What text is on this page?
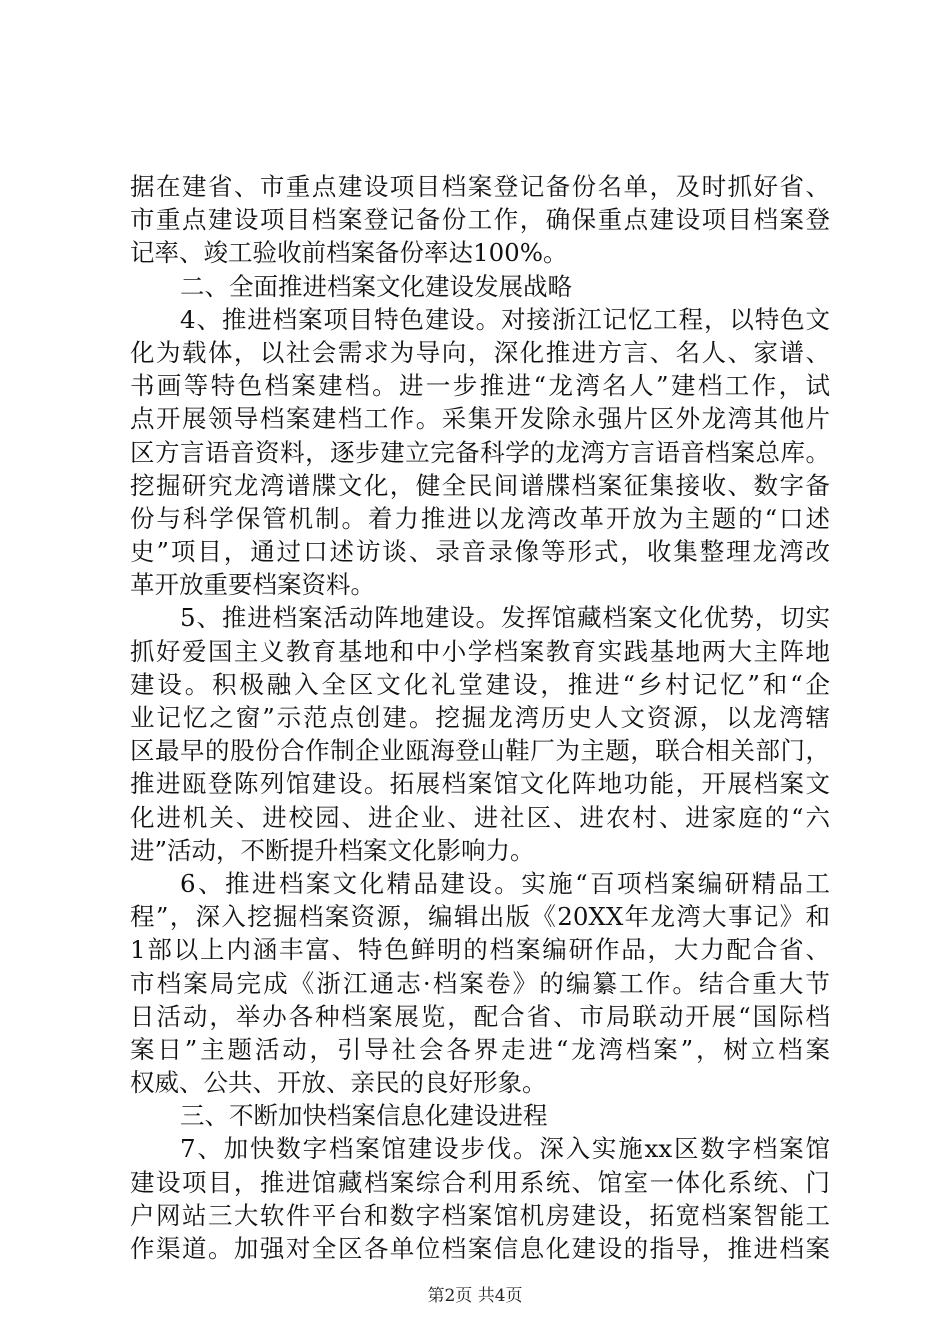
据在建省、市重点建设项目档案登记备份名单，及时抓好省、
市重点建设项目档案登记备份工作，确保重点建设项目档案登
记率、竣工验收前档案备份率达100%。
二、全面推进档案文化建设发展战略
4、推进档案项目特色建设。对接浙江记忆工程，以特色文
化为载体，以社会需求为导向，深化推进方言、名人、家谱、
书画等特色档案建档。进一步推进“龙湾名人”建档工作，试
点开展领导档案建档工作。采集开发除永强片区外龙湾其他片
区方言语音资料，逐步建立完备科学的龙湾方言语音档案总库。
挖掘研究龙湾谱牒文化，健全民间谱牒档案征集接收、数字备
份与科学保管机制。着力推进以龙湾改革开放为主题的“口述
史”项目，通过口述访谈、录音录像等形式，收集整理龙湾改
革开放重要档案资料。
5、推进档案活动阵地建设。发挥馆藏档案文化优势，切实
抓好爱国主义教育基地和中小学档案教育实践基地两大主阵地
建设。积极融入全区文化礼堂建设，推进“乡村记忆”和“企
业记忆之窗”示范点创建。挖掘龙湾历史人文资源，以龙湾辖
区最早的股份合作制企业瓯海登山鞋厂为主题，联合相关部门，
推进瓯登陈列馆建设。拓展档案馆文化阵地功能，开展档案文
化进机关、进校园、进企业、进社区、进农村、进家庭的“六
进”活动，不断提升档案文化影响力。
6、推进档案文化精品建设。实施“百项档案编研精品工
程”，深入挖掘档案资源，编辑出版《20XX年龙湾大事记》和
1部以上内涵丰富、特色鲜明的档案编研作品，大力配合省、
市档案局完成《浙江通志·档案卷》的编纂工作。结合重大节
日活动，举办各种档案展览，配合省、市局联动开展“国际档
案日”主题活动，引导社会各界走进“龙湾档案”，树立档案
权威、公共、开放、亲民的良好形象。
三、不断加快档案信息化建设进程
7、加快数字档案馆建设步伐。深入实施xx区数字档案馆
建设项目，推进馆藏档案综合利用系统、馆室一体化系统、门
户网站三大软件平台和数字档案馆机房建设，拓宽档案智能工
作渠道。加强对全区各单位档案信息化建设的指导，推进档案
第2页 共4页
